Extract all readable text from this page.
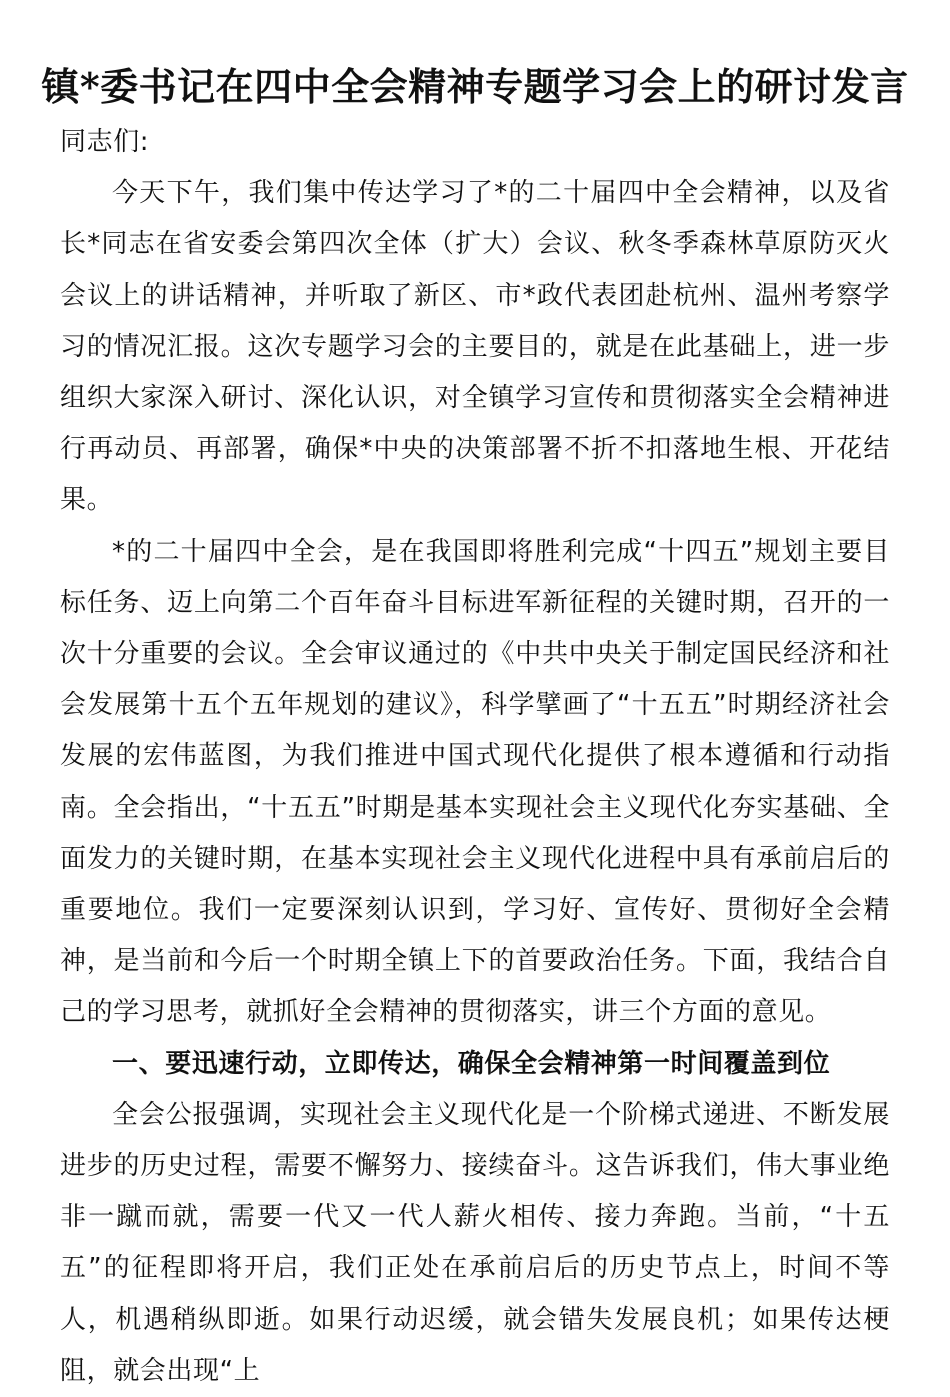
镇*委书记在四中全会精神专题学习会上的研讨发言

同志们:

今天下午，我们集中传达学习了*的二十届四中全会精神，以及省长*同志在省安委会第四次全体（扩大）会议、秋冬季森林草原防灭火会议上的讲话精神，并听取了新区、市*政代表团赴杭州、温州考察学习的情况汇报。这次专题学习会的主要目的，就是在此基础上，进一步组织大家深入研讨、深化认识，对全镇学习宣传和贯彻落实全会精神进行再动员、再部署，确保*中央的决策部署不折不扣落地生根、开花结果。

*的二十届四中全会，是在我国即将胜利完成“十四五”规划主要目标任务、迈上向第二个百年奋斗目标进军新征程的关键时期，召开的一次十分重要的会议。全会审议通过的《中共中央关于制定国民经济和社会发展第十五个五年规划的建议》，科学擘画了“十五五”时期经济社会发展的宏伟蓝图，为我们推进中国式现代化提供了根本遵循和行动指南。全会指出，“十五五”时期是基本实现社会主义现代化夯实基础、全面发力的关键时期，在基本实现社会主义现代化进程中具有承前启后的重要地位。我们一定要深刻认识到，学习好、宣传好、贯彻好全会精神，是当前和今后一个时期全镇上下的首要政治任务。下面，我结合自己的学习思考，就抓好全会精神的贯彻落实，讲三个方面的意见。

一、要迅速行动，立即传达，确保全会精神第一时间覆盖到位

全会公报强调，实现社会主义现代化是一个阶梯式递进、不断发展进步的历史过程，需要不懈努力、接续奋斗。这告诉我们，伟大事业绝非一蹴而就，需要一代又一代人薪火相传、接力奔跑。当前，“十五五”的征程即将开启，我们正处在承前启后的历史节点上，时间不等人，机遇稍纵即逝。如果行动迟缓，就会错失发展良机；如果传达梗阻，就会出现“上
